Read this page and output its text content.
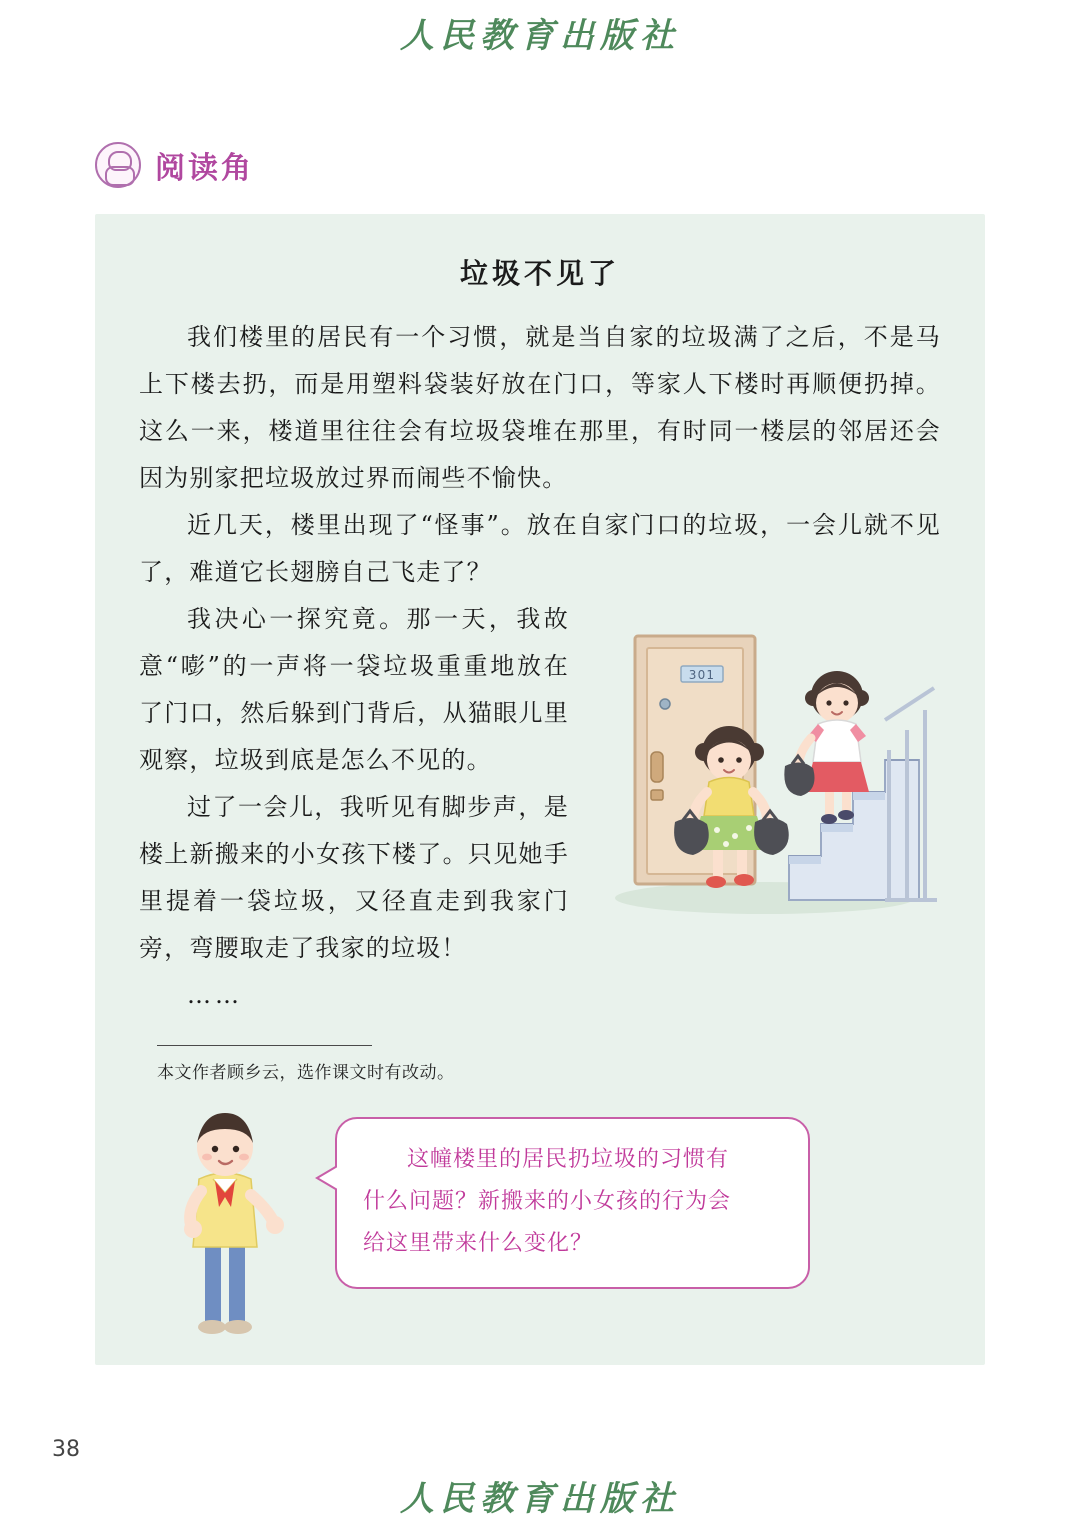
人民教育出版社
阅读角
垃圾不见了

我们楼里的居民有一个习惯，就是当自家的垃圾满了之后，不是马上下楼去扔，而是用塑料袋装好放在门口，等家人下楼时再顺便扔掉。这么一来，楼道里往往会有垃圾袋堆在那里，有时同一楼层的邻居还会因为别家把垃圾放过界而闹些不愉快。

近几天，楼里出现了“怪事”。放在自家门口的垃圾，一会儿就不见了，难道它长翅膀自己飞走了？

301

我决心一探究竟。那一天，我故意“嘭”的一声将一袋垃圾重重地放在了门口，然后躲到门背后，从猫眼儿里观察，垃圾到底是怎么不见的。

过了一会儿，我听见有脚步声，是楼上新搬来的小女孩下楼了。只见她手里提着一袋垃圾，又径直走到我家门旁，弯腰取走了我家的垃圾！

……

本文作者顾乡云，选作课文时有改动。

这幢楼里的居民扔垃圾的习惯有

什么问题？新搬来的小女孩的行为会

给这里带来什么变化？

38
人民教育出版社
